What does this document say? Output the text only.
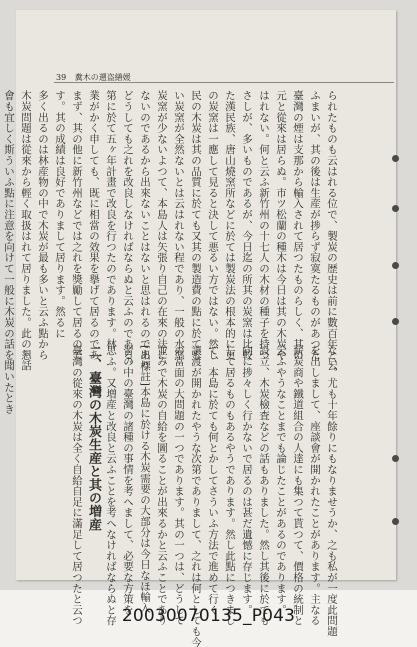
39 糞木の遡盗繕媛
られたものも云はれる位で、製炭の歴史は前に數百年と云
ふまいが、其の後は生産が捗らず寂寞たるものがあつた
臺灣の煙は支那から輸入されて居つたものらしく、其の
元と從來は居らぬ。市ツ松蘭の種木は今日は其の木炭や
はれない。何と云ふ新竹州の十七人の木材の種子を持つ
さしが、多いものであるが、今日迄の所其の炭窯は比較
た漢民族、唐山燒窯所などに於ては製炭法の根本的に更
の炭窯は一應して見ると決して悪るい方ではない。然し
民の木炭は其の品質に於ても又其の製造費の點に於ても
い炭窯が全然ないとは云はれない程であり、一般の水準
炭窯が少ないよつて、本島人は矢張り自己の在來の法に
ないのであるから出來ないことはないと思はれるのであり
どうしても之れを改良しなければならぬと云ふのである。
第に於て五ヶ年計畫で改良を行つたのであります。林
業がかく申しても、既に相當の效果を擧げて居るのであ
まず、其の他に新竹州などでは之れを獎勵して居るので
す。其の成績は良好でありまして居ります。然るに
多く出るのは林産物の中で木炭が最も多いと云ふ點から
木炭問題は從來から輕く取扱はれて居りました。此の懇話
會も宜しく斯ういふ點に注意を向けて一般に木炭の話を聞いたとき
ない。尤も十年餘りにもなりませうか、之も私が一度此問題
を出しまして、座談會が開かれたことがあります。主なる
薪炭商や鐵道組合の人達にも集つて貰つて、價格の統制と
云ふやうなことまでも論じたことがあるのであります。
設立、木炭檢査などの話もありました。然し其後に於ても
向に捗々しく行かないで居るのは甚だ遺憾に存じます。
して居るものもあるやうであります。然し此點につきまし
て、本島に於ても何とかしてさういふ方法で進めて行く
譲渡が開かれたやうな次第でありまして、之れは何としても今
の當面の大問題の一つであります。其の一つは、どうして
並みで木炭の自給を圖ることが出來るかと云ふことであり
[出標註]本島に於ける木炭需要の大部分は今日なほ輸入
習の中の臺灣の諸種の事情を考へまして、必要な方策を
思ふ。又増産と改良と云ふことを考へなければならぬと存
二、臺灣の木炭生産と其の増産
臺灣の從來の木炭は全く自給自足に滿足して居つたと云つ	20030070135_P043
